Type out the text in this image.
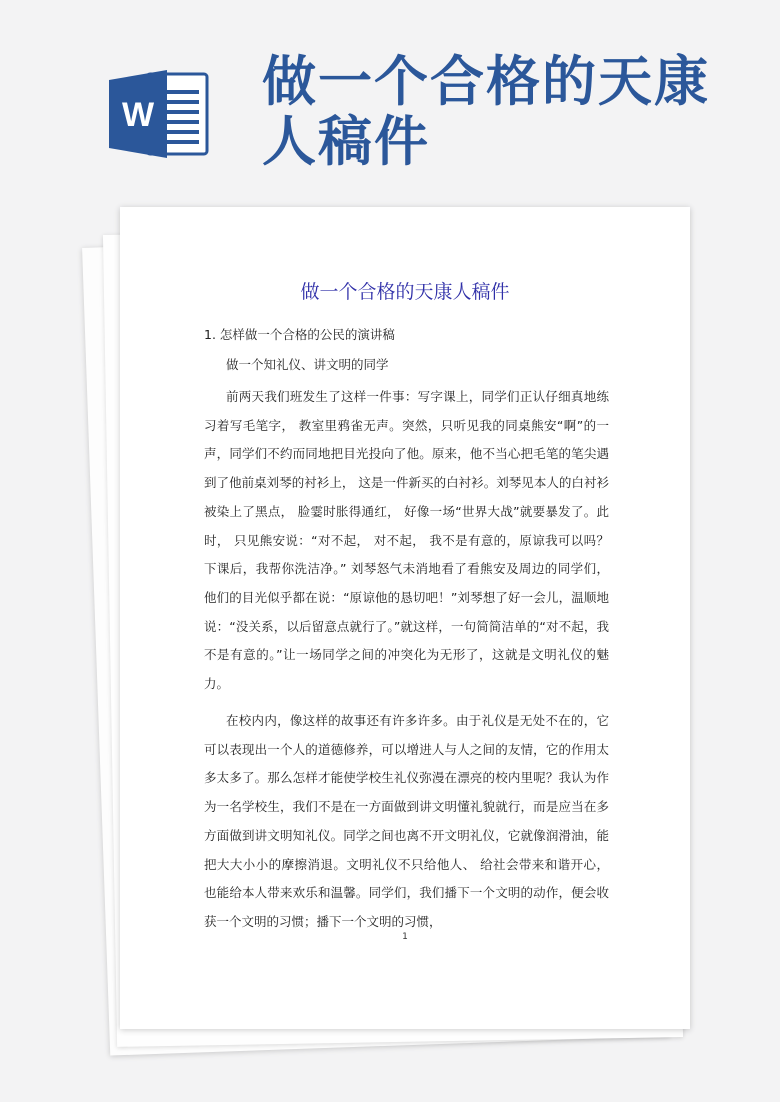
W
做一个合格的天康人稿件
做一个合格的天康人稿件
1. 怎样做一个合格的公民的演讲稿
做一个知礼仪、讲文明的同学

前两天我们班发生了这样一件事：写字课上，同学们正认仔细真地练习着写毛笔字， 教室里鸦雀无声。突然，只听见我的同桌熊安“啊”的一声，同学们不约而同地把目光投向了他。原来，他不当心把毛笔的笔尖遇到了他前桌刘琴的衬衫上， 这是一件新买的白衬衫。刘琴见本人的白衬衫被染上了黑点， 脸霎时胀得通红， 好像一场“世界大战”就要暴发了。此时， 只见熊安说：“对不起， 对不起， 我不是有意的，原谅我可以吗？下课后，我帮你洗洁净。” 刘琴怒气未消地看了看熊安及周边的同学们， 他们的目光似乎都在说：“原谅他的恳切吧！”刘琴想了好一会儿，温顺地说：“没关系，以后留意点就行了。”就这样，一句简简洁单的“对不起，我不是有意的。”让一场同学之间的冲突化为无形了，这就是文明礼仪的魅力。

在校内内，像这样的故事还有许多许多。由于礼仪是无处不在的，它可以表现出一个人的道德修养，可以增进人与人之间的友情，它的作用太多太多了。那么怎样才能使学校生礼仪弥漫在漂亮的校内里呢？我认为作为一名学校生，我们不是在一方面做到讲文明懂礼貌就行，而是应当在多方面做到讲文明知礼仪。同学之间也离不开文明礼仪，它就像润滑油，能把大大小小的摩擦消退。文明礼仪不只给他人、 给社会带来和谐开心， 也能给本人带来欢乐和温馨。同学们，我们播下一个文明的动作，便会收获一个文明的习惯；播下一个文明的习惯，

1
